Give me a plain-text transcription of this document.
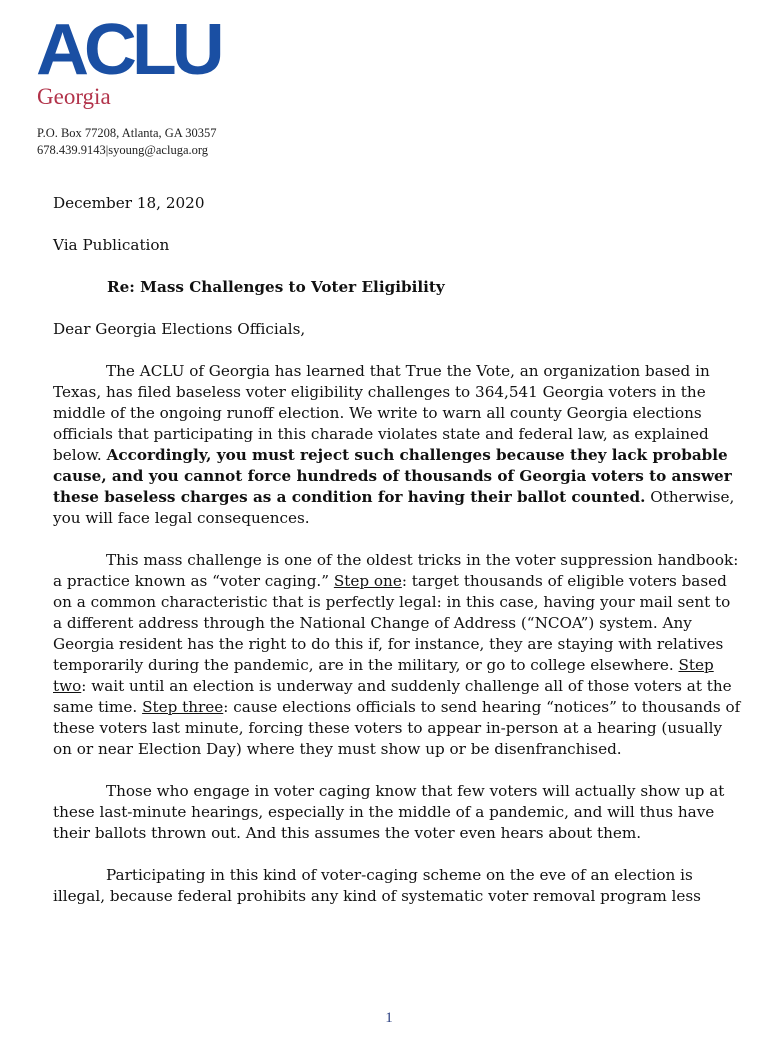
ACLU
Georgia
P.O. Box 77208, Atlanta, GA 30357
678.439.9143|syoung@acluga.org
December 18, 2020
Via Publication
Re: Mass Challenges to Voter Eligibility
Dear Georgia Elections Officials,

The ACLU of Georgia has learned that True the Vote, an organization based in Texas, has filed baseless voter eligibility challenges to 364,541 Georgia voters in the middle of the ongoing runoff election. We write to warn all county Georgia elections officials that participating in this charade violates state and federal law, as explained below. Accordingly, you must reject such challenges because they lack probable cause, and you cannot force hundreds of thousands of Georgia voters to answer these baseless charges as a condition for having their ballot counted. Otherwise, you will face legal consequences.

This mass challenge is one of the oldest tricks in the voter suppression handbook: a practice known as “voter caging.” Step one: target thousands of eligible voters based on a common characteristic that is perfectly legal: in this case, having your mail sent to a different address through the National Change of Address (“NCOA”) system. Any Georgia resident has the right to do this if, for instance, they are staying with relatives temporarily during the pandemic, are in the military, or go to college elsewhere. Step two: wait until an election is underway and suddenly challenge all of those voters at the same time. Step three: cause elections officials to send hearing “notices” to thousands of these voters last minute, forcing these voters to appear in-person at a hearing (usually on or near Election Day) where they must show up or be disenfranchised.

Those who engage in voter caging know that few voters will actually show up at these last-minute hearings, especially in the middle of a pandemic, and will thus have their ballots thrown out. And this assumes the voter even hears about them.

Participating in this kind of voter-caging scheme on the eve of an election is illegal, because federal prohibits any kind of systematic voter removal program less

1
